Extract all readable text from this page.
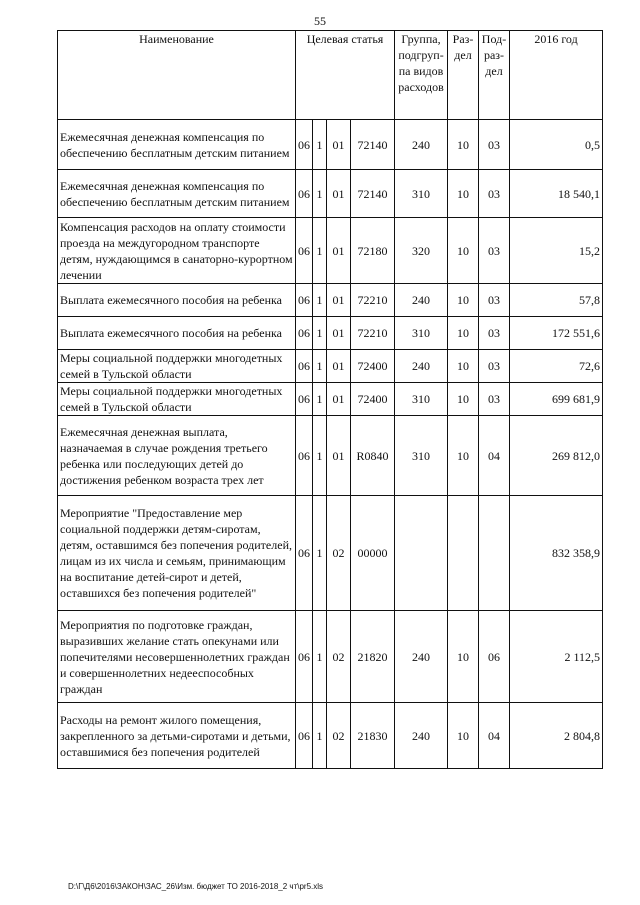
55
Наименование	Целевая статья				Группа, подгруп-па видов расходов	Раз-дел	Под-раз-дел	2016 год
Ежемесячная денежная компенсация по обеспечению бесплатным детским питанием	06	1	01	72140	240	10	03	0,5
Ежемесячная денежная компенсация по обеспечению бесплатным детским питанием	06	1	01	72140	310	10	03	18 540,1
Компенсация расходов на оплату стоимости проезда на междугородном транспорте детям, нуждающимся в санаторно-курортном лечении	06	1	01	72180	320	10	03	15,2
Выплата ежемесячного пособия на ребенка	06	1	01	72210	240	10	03	57,8
Выплата ежемесячного пособия на ребенка	06	1	01	72210	310	10	03	172 551,6
Меры социальной поддержки многодетных семей в Тульской области	06	1	01	72400	240	10	03	72,6
Меры социальной поддержки многодетных семей в Тульской области	06	1	01	72400	310	10	03	699 681,9
Ежемесячная денежная выплата, назначаемая в случае рождения третьего ребенка или последующих детей до достижения ребенком возраста трех лет	06	1	01	R0840	310	10	04	269 812,0
Мероприятие "Предоставление мер социальной поддержки детям-сиротам, детям, оставшимся без попечения родителей, лицам из их числа и семьям, принимающим на воспитание детей-сирот и детей, оставшихся без попечения родителей"	06	1	02	00000				832 358,9
Мероприятия по подготовке граждан, выразивших желание стать опекунами или попечителями несовершеннолетних граждан и совершеннолетних недееспособных граждан	06	1	02	21820	240	10	06	2 112,5
Расходы на ремонт жилого помещения, закрепленного за детьми-сиротами и детьми, оставшимися без попечения родителей	06	1	02	21830	240	10	04	2 804,8
D:\Г\Д6\2016\ЗАКОН\ЗАС_26\Изм. бюджет ТО 2016-2018_2 чт\pr5.xls
